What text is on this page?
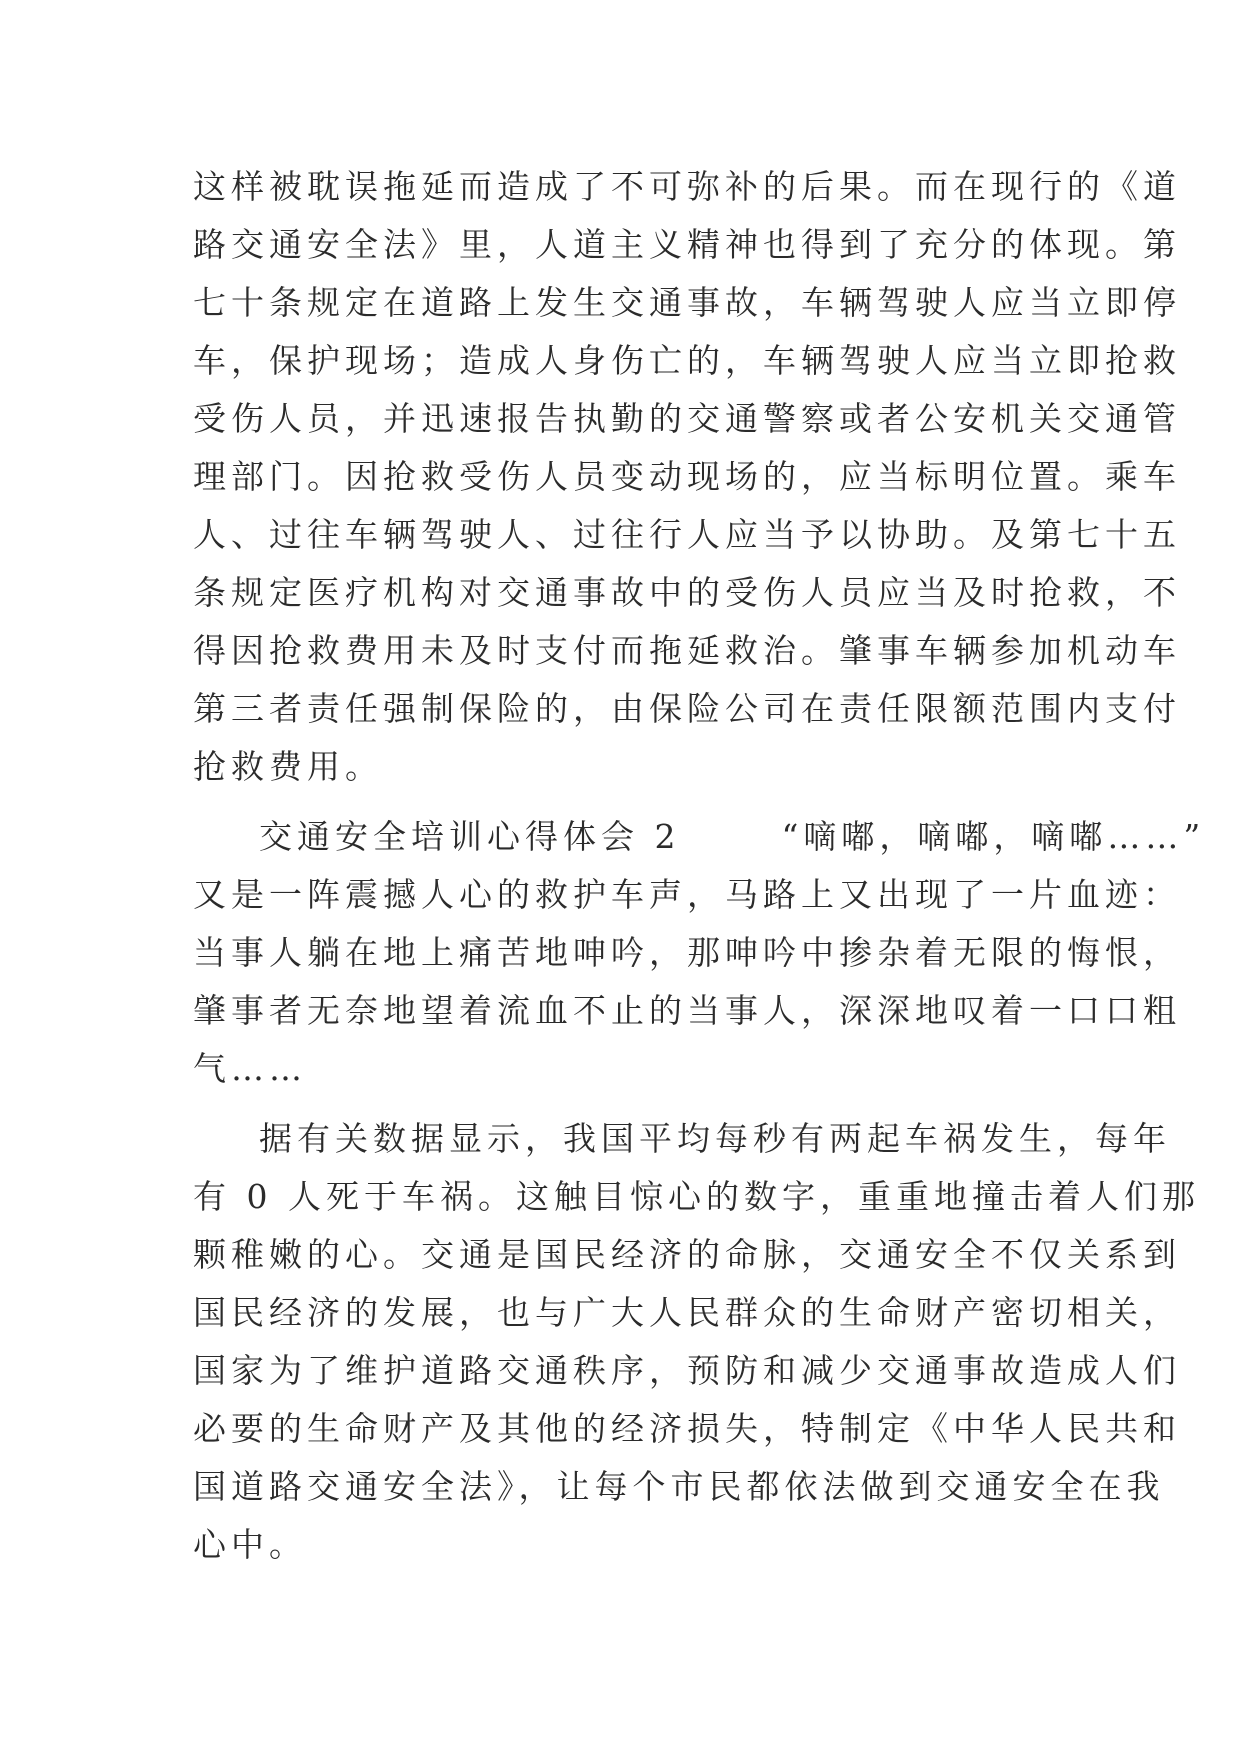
这样被耽误拖延而造成了不可弥补的后果。而在现行的《道
路交通安全法》里，人道主义精神也得到了充分的体现。第
七十条规定在道路上发生交通事故，车辆驾驶人应当立即停
车，保护现场；造成人身伤亡的，车辆驾驶人应当立即抢救
受伤人员，并迅速报告执勤的交通警察或者公安机关交通管
理部门。因抢救受伤人员变动现场的，应当标明位置。乘车
人、过往车辆驾驶人、过往行人应当予以协助。及第七十五
条规定医疗机构对交通事故中的受伤人员应当及时抢救，不
得因抢救费用未及时支付而拖延救治。肇事车辆参加机动车
第三者责任强制保险的，由保险公司在责任限额范围内支付
抢救费用。
交通安全培训心得体会 2	“嘀嘟，嘀嘟，嘀嘟……”
又是一阵震撼人心的救护车声，马路上又出现了一片血迹：
当事人躺在地上痛苦地呻吟，那呻吟中掺杂着无限的悔恨，
肇事者无奈地望着流血不止的当事人，深深地叹着一口口粗
气……
据有关数据显示，我国平均每秒有两起车祸发生，每年
有 0 人死于车祸。这触目惊心的数字，重重地撞击着人们那
颗稚嫩的心。交通是国民经济的命脉，交通安全不仅关系到
国民经济的发展，也与广大人民群众的生命财产密切相关，
国家为了维护道路交通秩序，预防和减少交通事故造成人们
必要的生命财产及其他的经济损失，特制定《中华人民共和
国道路交通安全法》，让每个市民都依法做到交通安全在我
心中。
